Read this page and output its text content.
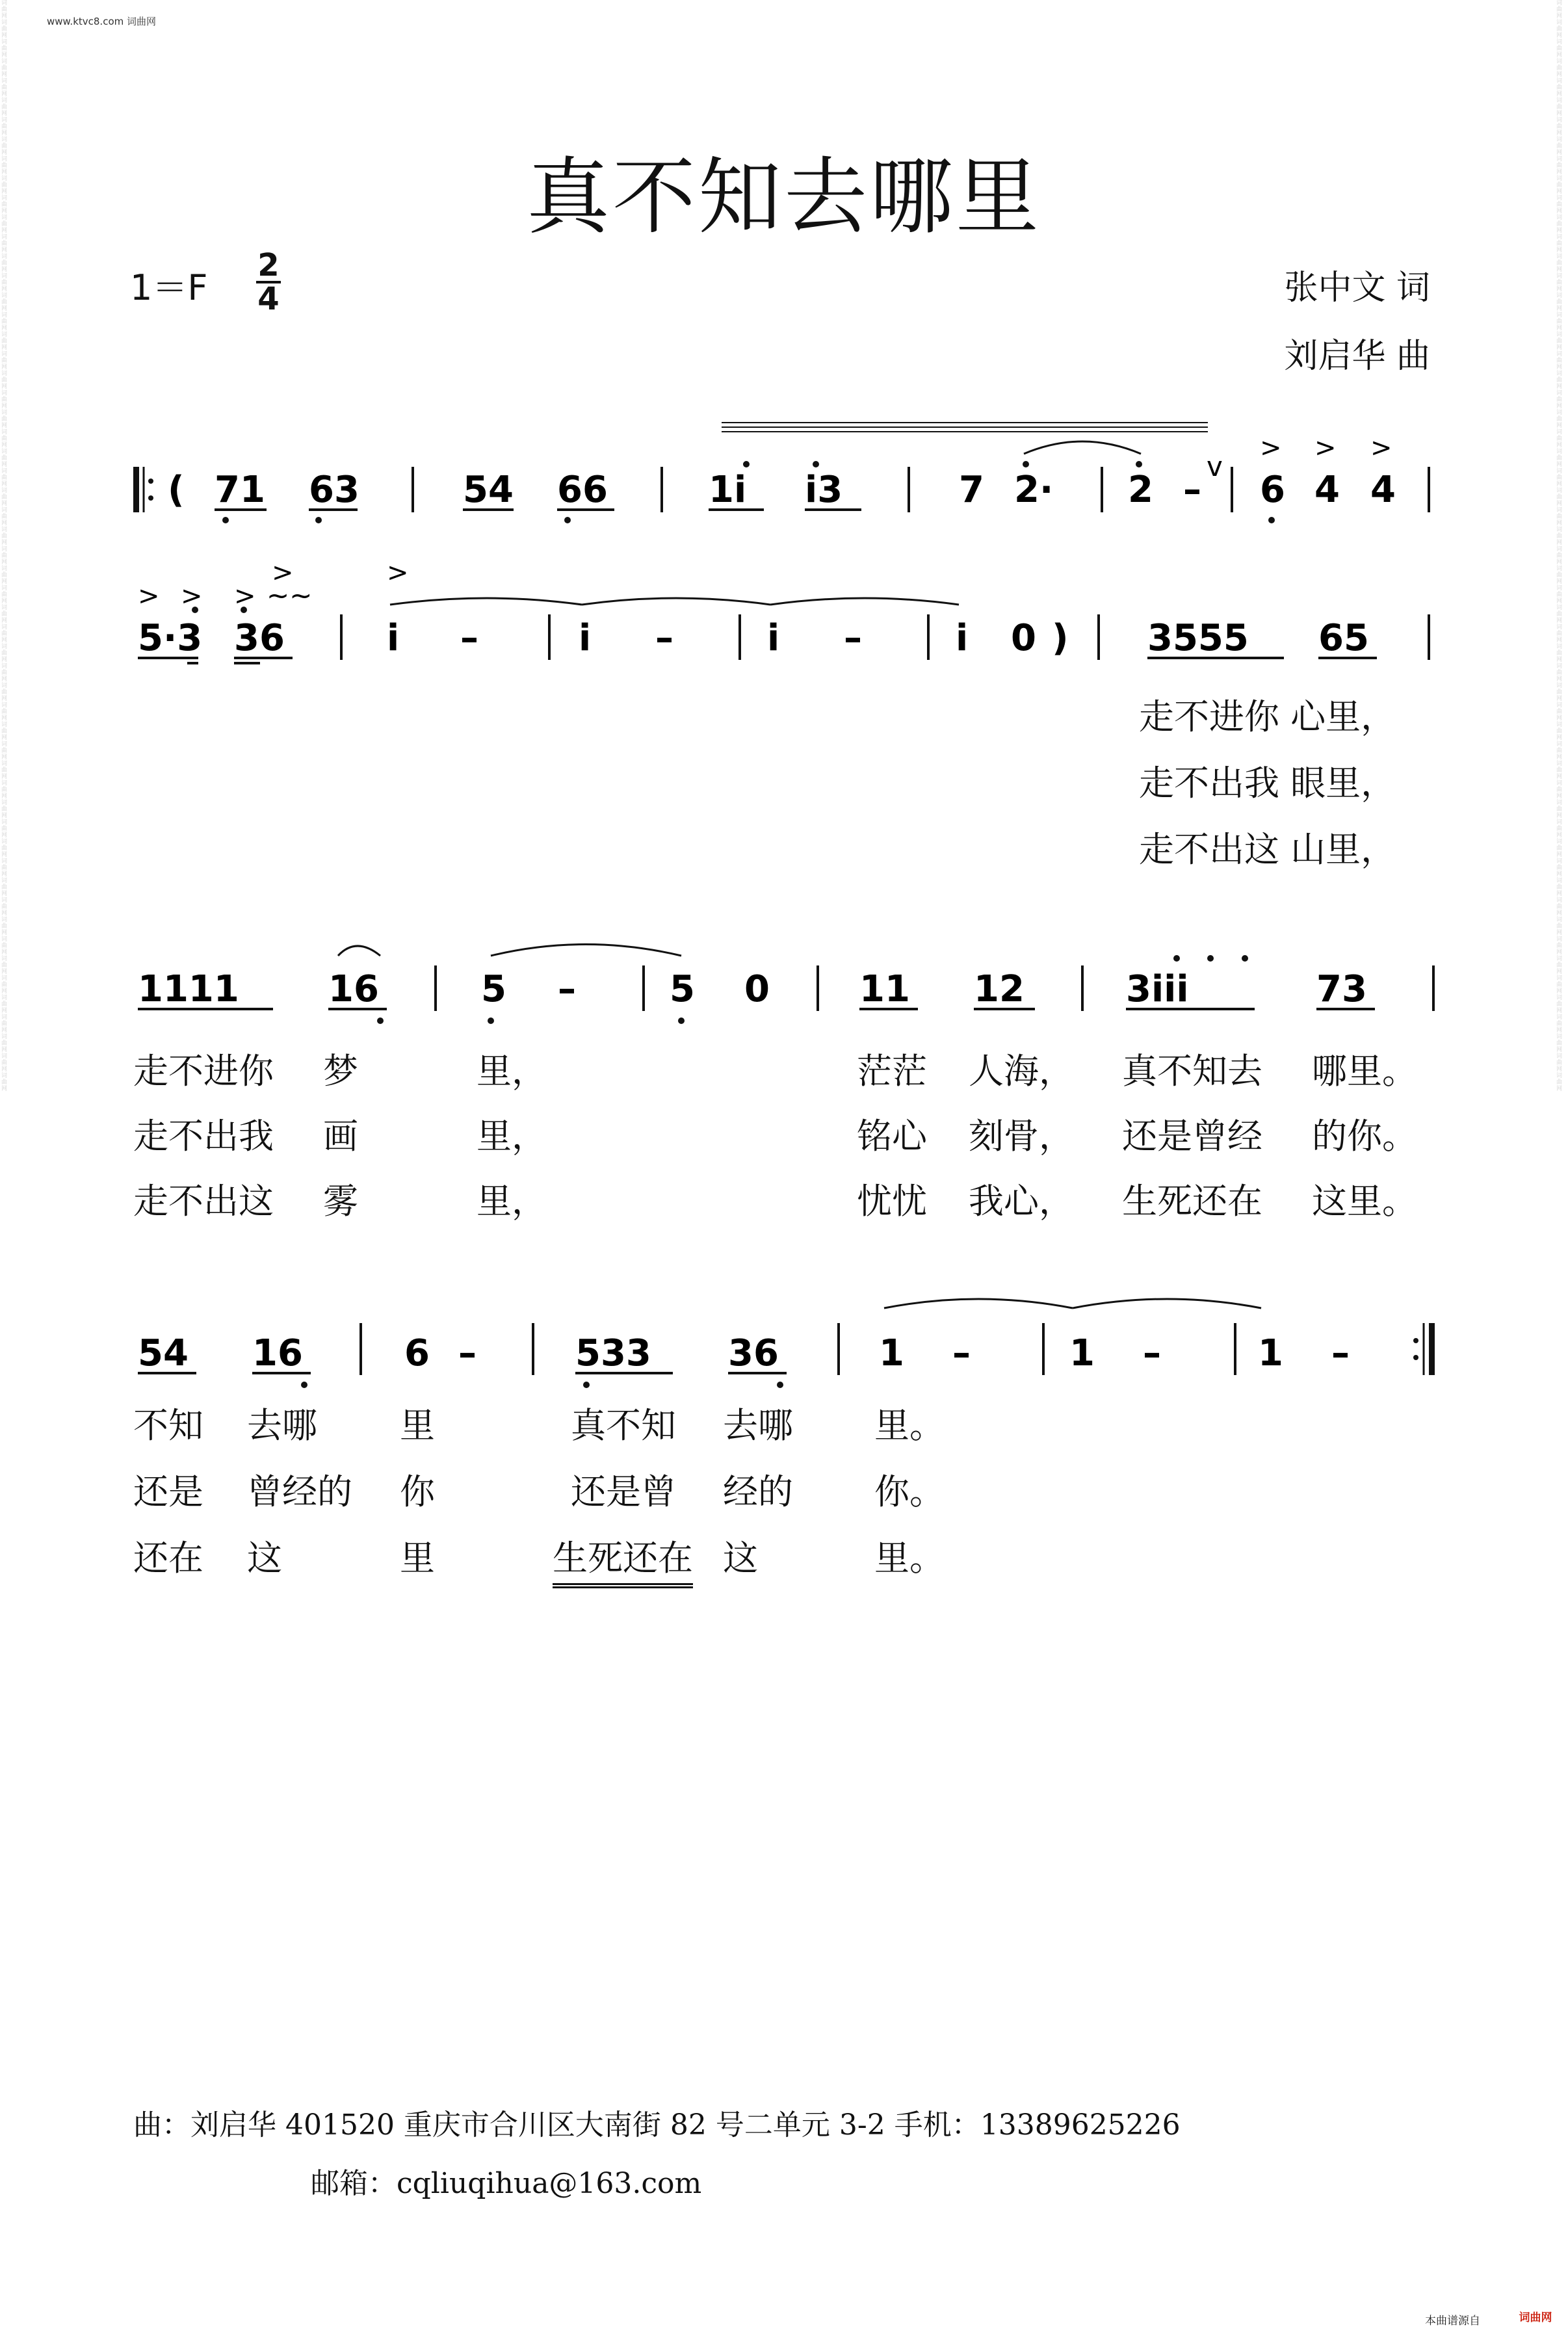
词曲网词曲网词曲网词曲网词曲网词曲网词曲网词曲网词曲网词曲网词曲网词曲网词曲网词曲网词曲网词曲网词曲网词曲网词曲网词曲网词曲网词曲网词曲网词曲网词曲网词曲网词曲网词曲网词曲网词曲网词曲网词曲网词曲网词曲网词曲网词曲网词曲网词曲网词曲网词曲网词曲网词曲网词曲网词曲网词曲网词曲网词曲网词曲网词曲网词曲网词曲网词曲网词曲网词曲网词曲网词曲网
词曲网词曲网词曲网词曲网词曲网词曲网词曲网词曲网词曲网词曲网词曲网词曲网词曲网词曲网词曲网词曲网词曲网词曲网词曲网词曲网词曲网词曲网词曲网词曲网词曲网词曲网词曲网词曲网词曲网词曲网词曲网词曲网词曲网词曲网词曲网词曲网词曲网词曲网词曲网词曲网词曲网词曲网词曲网词曲网词曲网词曲网词曲网词曲网词曲网词曲网词曲网词曲网词曲网词曲网词曲网词曲网
www.ktvc8.com 词曲网
真不知去哪里
1＝F
2
4	张中文 词
刘启华 曲
( 71 63	54 66	1i i3	7 2· 2 – 6 4 4
v
> > >
5·3 36	i –	i –	i –	i 0 ) 3555 65
> > >
>	>
~~
走不进你 心里，
走不出我 眼里，
走不出这 山里，
1111 16	5 –	5 0 11 12	3iii	73
走不进你 梦	里，	茫茫 人海， 真不知去 哪里。
走不出我 画	里，	铭心 刻骨， 还是曾经 的你。
走不出这 雾	里，	忧忧 我心， 生死还在 这里。
54 16	6 –	533 36	1 –	1 –	1 –
不知 去哪 里	真不知 去哪 里。
还是 曾经的 你	还是曾 经的 你。
还在 这	里	生死还在 这	里。
曲：刘启华 401520 重庆市合川区大南街 82 号二单元 3-2 手机：13389625226
邮箱：cqliuqihua@163.com
本曲谱源自	词曲网
